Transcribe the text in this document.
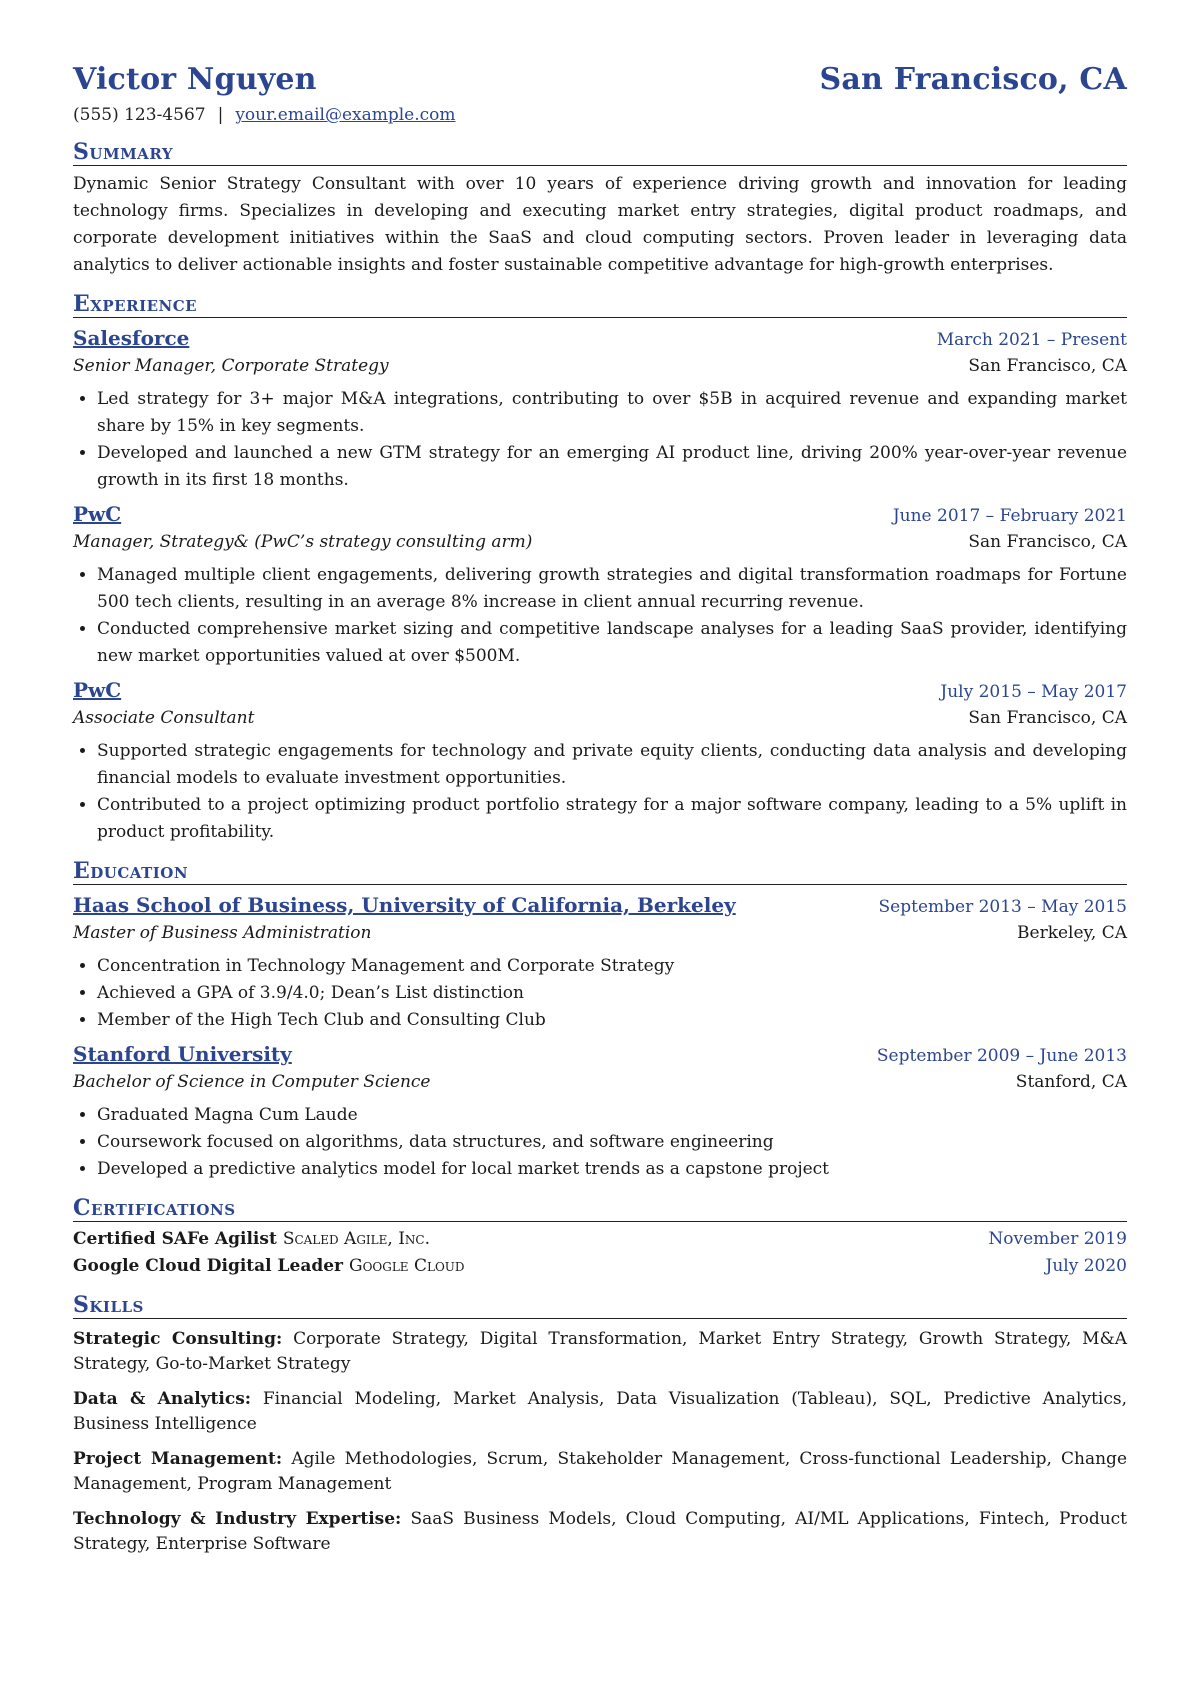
Victor Nguyen	San Francisco, CA
(555) 123-4567 | your.email@example.com
Summary
Dynamic Senior Strategy Consultant with over 10 years of experience driving growth and innovation for leading technology firms. Specializes in developing and executing market entry strategies, digital product roadmaps, and corporate development initiatives within the SaaS and cloud computing sectors. Proven leader in leveraging data analytics to deliver actionable insights and foster sustainable competitive advantage for high-growth enterprises.
Experience
Salesforce	March 2021 – Present
Senior Manager, Corporate Strategy	San Francisco, CA
• Led strategy for 3+ major M&A integrations, contributing to over $5B in acquired revenue and expanding market share by 15% in key segments.
• Developed and launched a new GTM strategy for an emerging AI product line, driving 200% year-over-year revenue growth in its first 18 months.
PwC	June 2017 – February 2021
Manager, Strategy& (PwC’s strategy consulting arm)	San Francisco, CA
• Managed multiple client engagements, delivering growth strategies and digital transformation roadmaps for Fortune 500 tech clients, resulting in an average 8% increase in client annual recurring revenue.
• Conducted comprehensive market sizing and competitive landscape analyses for a leading SaaS provider, identifying new market opportunities valued at over $500M.
PwC	July 2015 – May 2017
Associate Consultant	San Francisco, CA
• Supported strategic engagements for technology and private equity clients, conducting data analysis and developing financial models to evaluate investment opportunities.
• Contributed to a project optimizing product portfolio strategy for a major software company, leading to a 5% uplift in product profitability.
Education
Haas School of Business, University of California, Berkeley	September 2013 – May 2015
Master of Business Administration	Berkeley, CA
• Concentration in Technology Management and Corporate Strategy
• Achieved a GPA of 3.9/4.0; Dean’s List distinction
• Member of the High Tech Club and Consulting Club
Stanford University	September 2009 – June 2013
Bachelor of Science in Computer Science	Stanford, CA
• Graduated Magna Cum Laude
• Coursework focused on algorithms, data structures, and software engineering
• Developed a predictive analytics model for local market trends as a capstone project
Certifications
Certified SAFe Agilist Scaled Agile, Inc.	November 2019
Google Cloud Digital Leader Google Cloud	July 2020
Skills
Strategic Consulting: Corporate Strategy, Digital Transformation, Market Entry Strategy, Growth Strategy, M&A Strategy, Go-to-Market Strategy
Data & Analytics: Financial Modeling, Market Analysis, Data Visualization (Tableau), SQL, Predictive Analytics, Business Intelligence
Project Management: Agile Methodologies, Scrum, Stakeholder Management, Cross-functional Leadership, Change Management, Program Management
Technology & Industry Expertise: SaaS Business Models, Cloud Computing, AI/ML Applications, Fintech, Product Strategy, Enterprise Software
